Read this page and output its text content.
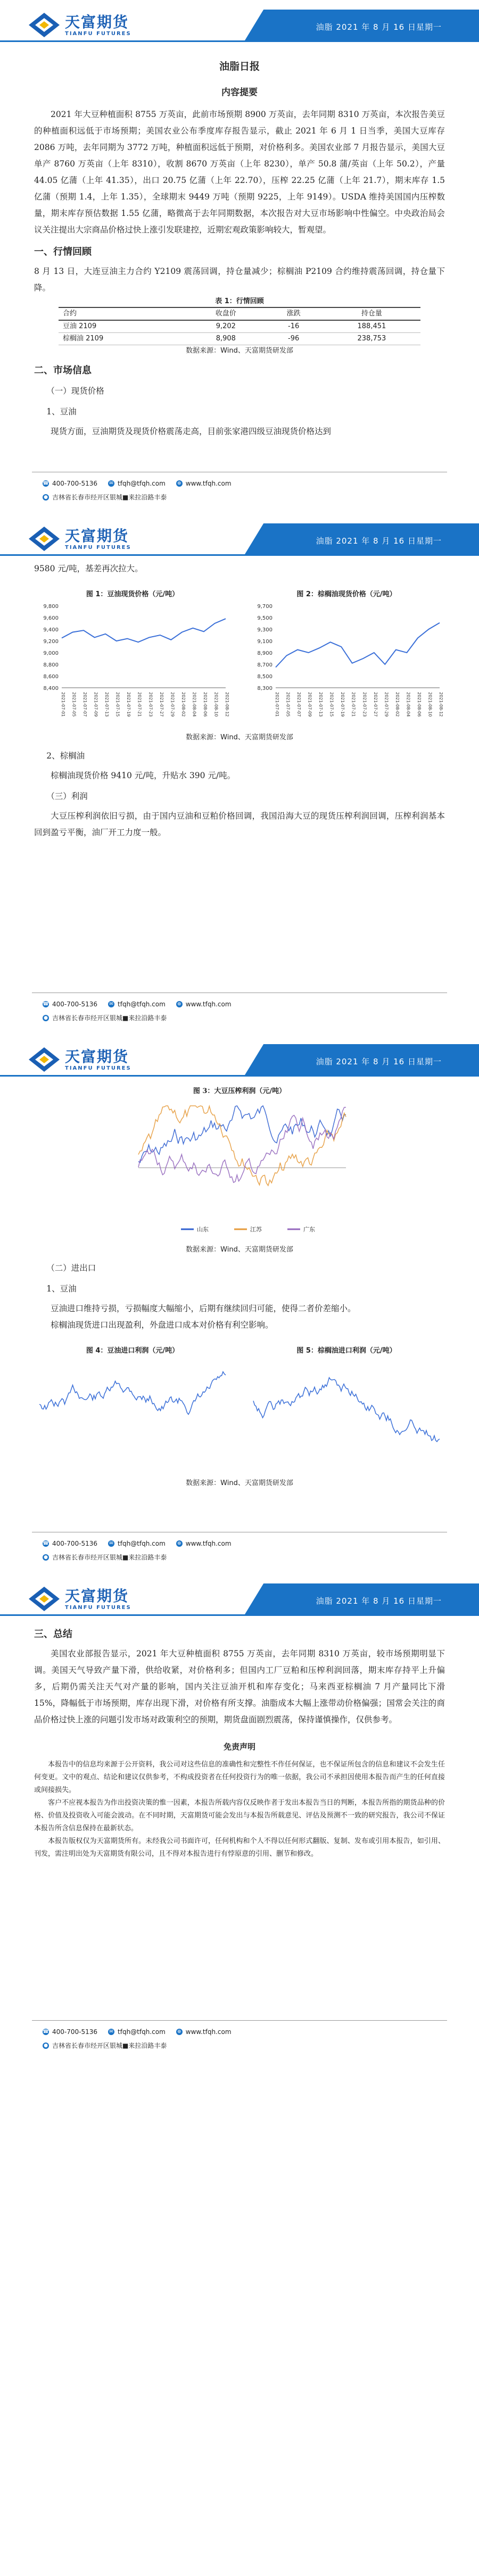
天富期货
TIANFU FUTURES
油脂 2021 年 8 月 16 日星期一
油脂日报
内容提要

2021 年大豆种植面积 8755 万英亩，此前市场预期 8900 万英亩，去年同期 8310 万英亩，本次报告美豆的种植面积远低于市场预期；美国农业公布季度库存报告显示，截止 2021 年 6 月 1 日当季，美国大豆库存 2086 万吨，去年同期为 3772 万吨，种植面积远低于预期，对价格利多。美国农业部 7 月报告显示，美国大豆单产 8760 万英亩（上年 8310），收割 8670 万英亩（上年 8230），单产 50.8 蒲/英亩（上年 50.2），产量 44.05 亿蒲（上年 41.35），出口 20.75 亿蒲（上年 22.70），压榨 22.25 亿蒲（上年 21.7），期末库存 1.5 亿蒲（预期 1.4，上年 1.35），全球期末 9449 万吨（预期 9225，上年 9149）。USDA 维持美国国内压榨数量，期末库存预估数据 1.55 亿蒲，略微高于去年同期数据，本次报告对大豆市场影响中性偏空。中央政治局会议关注提出大宗商品价格过快上涨引发联建控，近期宏观政策影响较大，暂观望。

一、行情回顾

8 月 13 日，大连豆油主力合约 Y2109 震荡回调，持仓量减少；棕榈油 P2109 合约维持震荡回调，持仓量下降。

表 1：行情回顾
合约	收盘价	涨跌	持仓量
豆油 2109	9,202	-16	188,451
棕榈油 2109	8,908	-96	238,753
数据来源：Wind、天富期货研发部
二、市场信息
（一）现货价格
1、豆油

现货方面，豆油期货及现货价格震荡走高，目前张家港四级豆油现货价格达到

☎ 400-700-5136 ✉ tfqh@tfqh.com ⊕ www.tfqh.com
● 吉林省长春市经开区银城■来拉沿路丰泰
天富期货
TIANFU FUTURES
油脂 2021 年 8 月 16 日星期一

9580 元/吨，基差再次拉大。

图 1：豆油现货价格（元/吨）
8,400
8,600
8,800
9,000
9,200
9,400
9,600
9,800
2021-07-01 2021-07-05 2021-07-07 2021-07-09 2021-07-13 2021-07-15 2021-07-19 2021-07-21 2021-07-23 2021-07-27 2021-07-29 2021-08-02 2021-08-04 2021-08-06 2021-08-10 2021-08-12
图 2：棕榈油现货价格（元/吨）
8,300
8,500
8,700
8,900
9,100
9,300
9,500
9,700
2021-07-01 2021-07-05 2021-07-07 2021-07-09 2021-07-13 2021-07-15 2021-07-19 2021-07-21 2021-07-23 2021-07-27 2021-07-29 2021-08-02 2021-08-04 2021-08-06 2021-08-10 2021-08-12
数据来源：Wind、天富期货研发部
2、棕榈油

棕榈油现货价格 9410 元/吨，升贴水 390 元/吨。

（三）利润

大豆压榨利润依旧亏损，由于国内豆油和豆粕价格回调，我国沿海大豆的现货压榨利润回调，压榨利润基本回到盈亏平衡，油厂开工力度一般。

☎ 400-700-5136 ✉ tfqh@tfqh.com ⊕ www.tfqh.com
● 吉林省长春市经开区银城■来拉沿路丰泰
天富期货
TIANFU FUTURES
油脂 2021 年 8 月 16 日星期一
图 3：大豆压榨利润（元/吨）
山东	江苏	广东
数据来源：Wind、天富期货研发部
（二）进出口
1、豆油

豆油进口维持亏损，亏损幅度大幅缩小，后期有继续回归可能，使得二者价差缩小。

棕榈油现货进口出现盈利，外盘进口成本对价格有利空影响。

图 4：豆油进口利润（元/吨）	图 5：棕榈油进口利润（元/吨）
数据来源：Wind、天富期货研发部
☎ 400-700-5136 ✉ tfqh@tfqh.com ⊕ www.tfqh.com
● 吉林省长春市经开区银城■来拉沿路丰泰
天富期货
TIANFU FUTURES
油脂 2021 年 8 月 16 日星期一
三、总结

美国农业部报告显示，2021 年大豆种植面积 8755 万英亩，去年同期 8310 万英亩，较市场预期明显下调。美国天气导致产量下滑，供给收紧，对价格利多；但国内工厂豆粕和压榨利润回落，期末库存持平上升偏多，后期仍需关注天气对产量的影响，国内关注豆油开机和库存变化；马来西亚棕榈油 7 月产量同比下滑 15%，降幅低于市场预期，库存出现下滑，对价格有所支撑。油脂成本大幅上涨带动价格偏强；国常会关注的商品价格过快上涨的问题引发市场对政策利空的预期，期货盘面剧烈震荡，保持谨慎操作，仅供参考。

免责声明

本报告中的信息均来源于公开资料，我公司对这些信息的准确性和完整性不作任何保证，也不保证所包含的信息和建议不会发生任何变更。文中的观点、结论和建议仅供参考，不构成投资者在任何投资行为的唯一依据，我公司不承担因使用本报告而产生的任何直接或间接损失。

客户不应视本报告为作出投资决策的惟一因素，本报告所载内容仅反映作者于发出本报告当日的判断，本报告所指的期货品种的价格、价值及投资收入可能会波动。在不同时期，天富期货可能会发出与本报告所载意见、评估及预测不一致的研究报告，我公司不保证本报告所含信息保持在最新状态。

本报告版权仅为天富期货所有。未经我公司书面许可，任何机构和个人不得以任何形式翻版、复制、发布或引用本报告，如引用、刊发，需注明出处为天富期货有限公司，且不得对本报告进行有悖原意的引用、删节和修改。

☎ 400-700-5136 ✉ tfqh@tfqh.com ⊕ www.tfqh.com
● 吉林省长春市经开区银城■来拉沿路丰泰
